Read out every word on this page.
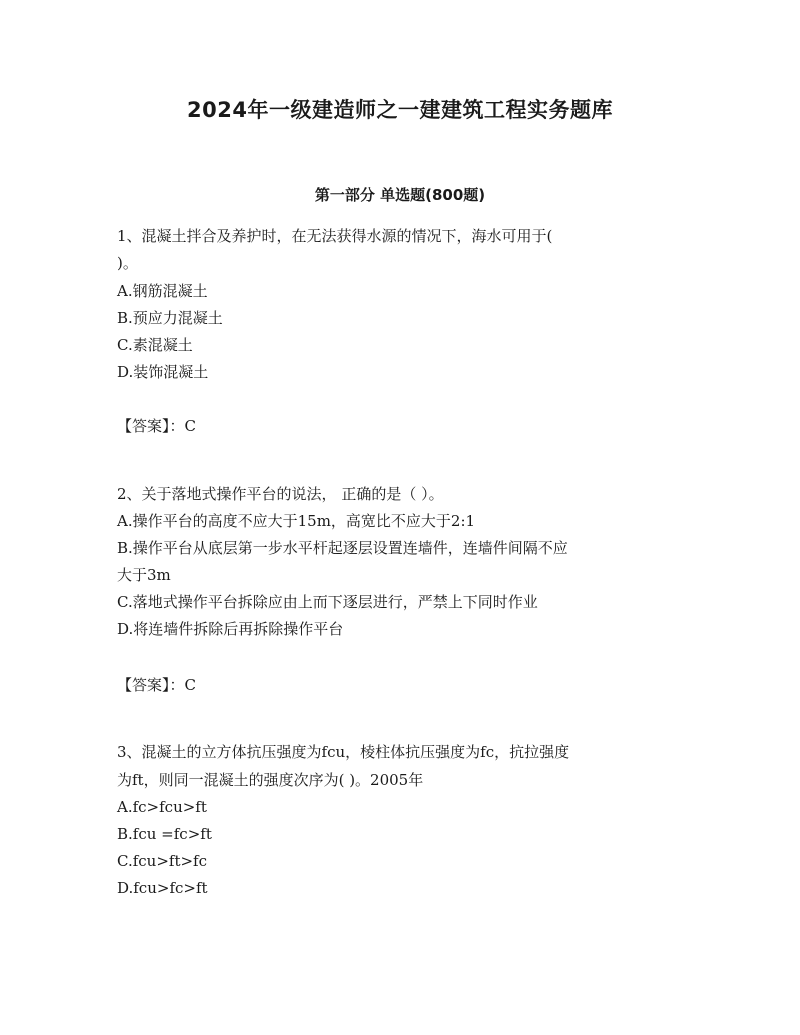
2024年一级建造师之一建建筑工程实务题库
第一部分 单选题(800题)

1、混凝土拌合及养护时，在无法获得水源的情况下，海水可用于(

)。

A.钢筋混凝土

B.预应力混凝土

C.素混凝土

D.装饰混凝土

【答案】：C

2、关于落地式操作平台的说法， 正确的是（ ）。

A.操作平台的高度不应大于15m，高宽比不应大于2:1

B.操作平台从底层第一步水平杆起逐层设置连墙件，连墙件间隔不应

大于3m

C.落地式操作平台拆除应由上而下逐层进行，严禁上下同时作业

D.将连墙件拆除后再拆除操作平台

【答案】：C

3、混凝土的立方体抗压强度为fcu，棱柱体抗压强度为fc，抗拉强度

为ft，则同一混凝土的强度次序为( )。2005年

A.fc>fcu>ft

B.fcu =fc>ft

C.fcu>ft>fc

D.fcu>fc>ft
